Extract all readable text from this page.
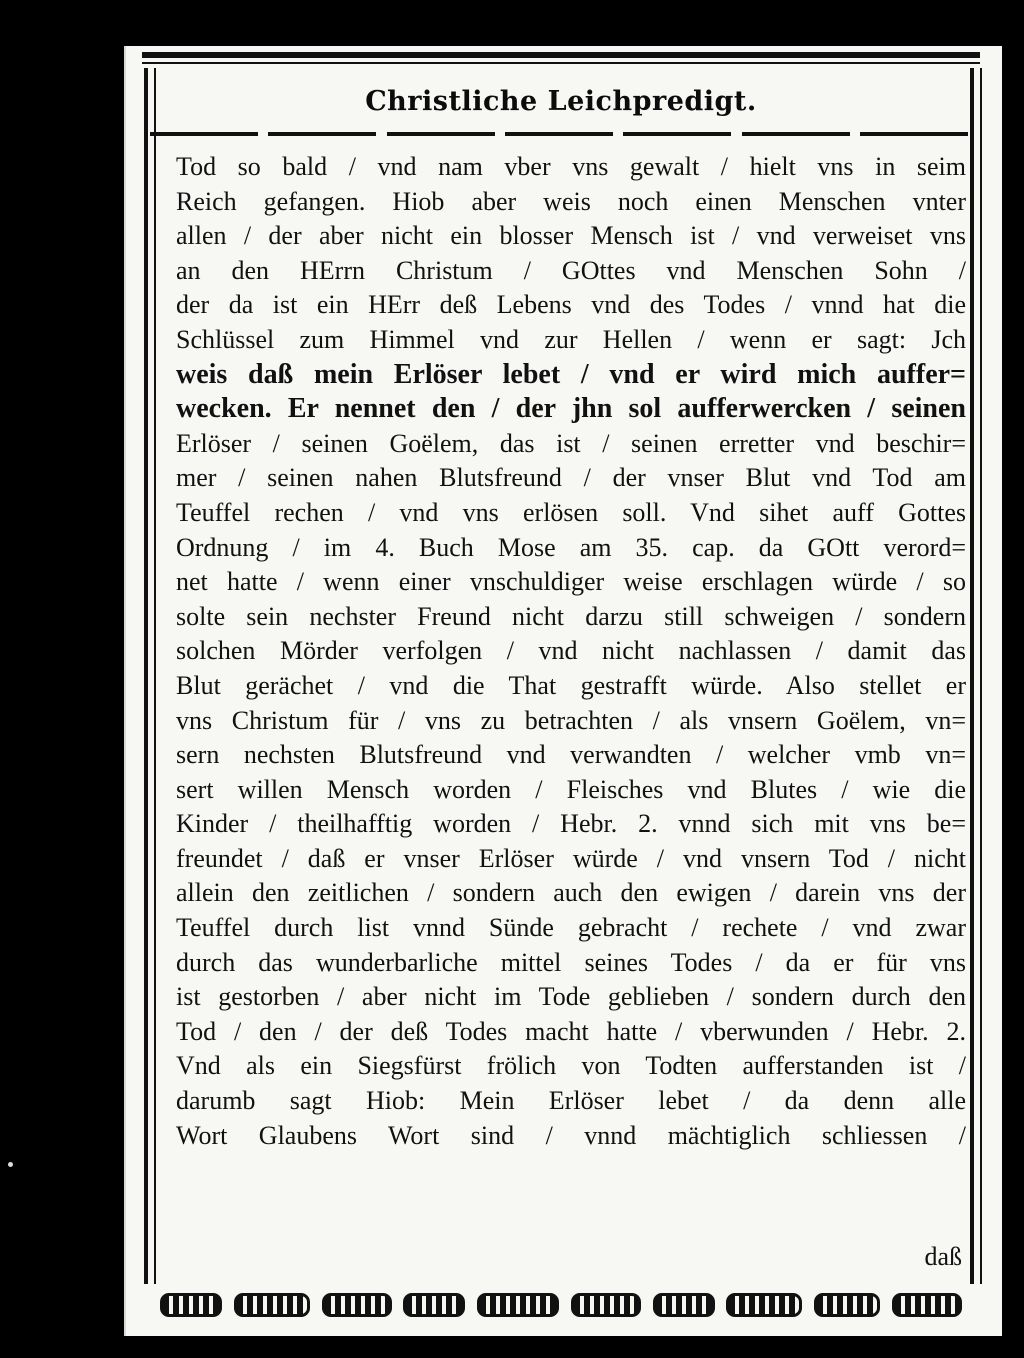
Christliche Leichpredigt.
Tod so bald / vnd nam vber vns gewalt / hielt vns in seim
Reich gefangen. Hiob aber weis noch einen Menschen vnter
allen / der aber nicht ein blosser Mensch ist / vnd verweiset vns
an den HErrn Christum / GOttes vnd Menschen Sohn /
der da ist ein HErr deß Lebens vnd des Todes / vnnd hat die
Schlüssel zum Himmel vnd zur Hellen / wenn er sagt: Jch
weis daß mein Erlöser lebet / vnd er wird mich auffer=
wecken. Er nennet den / der jhn sol aufferwercken / seinen
Erlöser / seinen Goëlem, das ist / seinen erretter vnd beschir=
mer / seinen nahen Blutsfreund / der vnser Blut vnd Tod am
Teuffel rechen / vnd vns erlösen soll. Vnd sihet auff Gottes
Ordnung / im 4. Buch Mose am 35. cap. da GOtt verord=
net hatte / wenn einer vnschuldiger weise erschlagen würde / so
solte sein nechster Freund nicht darzu still schweigen / sondern
solchen Mörder verfolgen / vnd nicht nachlassen / damit das
Blut gerächet / vnd die That gestrafft würde. Also stellet er
vns Christum für / vns zu betrachten / als vnsern Goëlem, vn=
sern nechsten Blutsfreund vnd verwandten / welcher vmb vn=
sert willen Mensch worden / Fleisches vnd Blutes / wie die
Kinder / theilhafftig worden / Hebr. 2. vnnd sich mit vns be=
freundet / daß er vnser Erlöser würde / vnd vnsern Tod / nicht
allein den zeitlichen / sondern auch den ewigen / darein vns der
Teuffel durch list vnnd Sünde gebracht / rechete / vnd zwar
durch das wunderbarliche mittel seines Todes / da er für vns
ist gestorben / aber nicht im Tode geblieben / sondern durch den
Tod / den / der deß Todes macht hatte / vberwunden / Hebr. 2.
Vnd als ein Siegsfürst frölich von Todten aufferstanden ist /
darumb sagt Hiob: Mein Erlöser lebet / da denn alle
Wort Glaubens Wort sind / vnnd mächtiglich schliessen /
daß
